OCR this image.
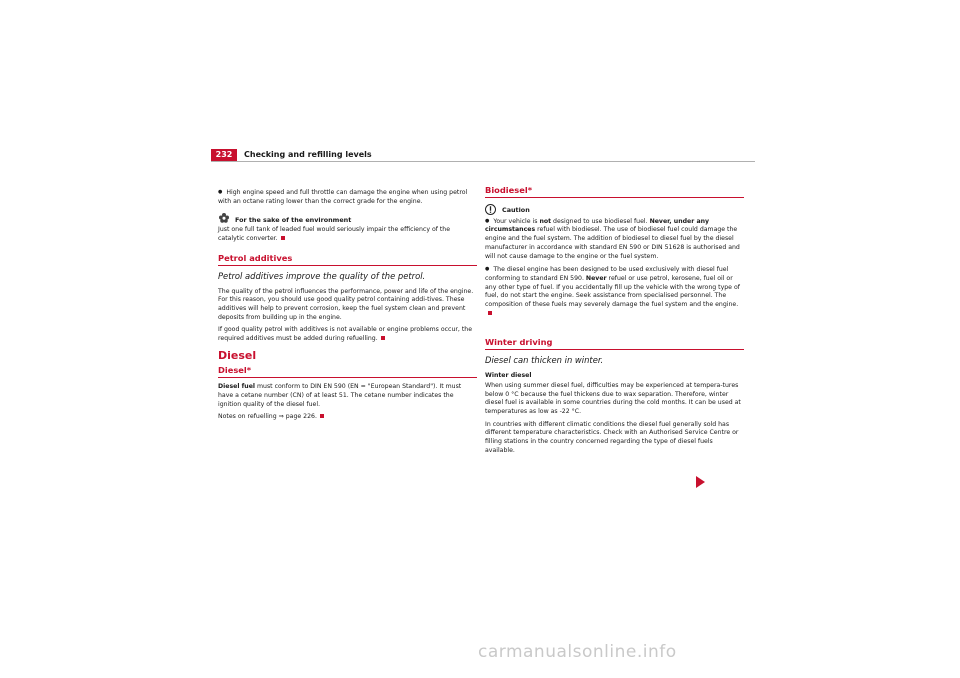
232	Checking and refilling levels

● High engine speed and full throttle can damage the engine when using petrol with an octane rating lower than the correct grade for the engine.

For the sake of the environment

Just one full tank of leaded fuel would seriously impair the efficiency of the catalytic converter.

Petrol additives

Petrol additives improve the quality of the petrol.

The quality of the petrol influences the performance, power and life of the engine. For this reason, you should use good quality petrol containing addi-tives. These additives will help to prevent corrosion, keep the fuel system clean and prevent deposits from building up in the engine.

If good quality petrol with additives is not available or engine problems occur, the required additives must be added during refuelling.

Diesel
Diesel*

Diesel fuel must conform to DIN EN 590 (EN = "European Standard"). It must have a cetane number (CN) of at least 51. The cetane number indicates the ignition quality of the diesel fuel.

Notes on refuelling ⇒ page 226.

Biodiesel*
Caution

● Your vehicle is not designed to use biodiesel fuel. Never, under any circumstances refuel with biodiesel. The use of biodiesel fuel could damage the engine and the fuel system. The addition of biodiesel to diesel fuel by the diesel manufacturer in accordance with standard EN 590 or DIN 51628 is authorised and will not cause damage to the engine or the fuel system.

● The diesel engine has been designed to be used exclusively with diesel fuel conforming to standard EN 590. Never refuel or use petrol, kerosene, fuel oil or any other type of fuel. If you accidentally fill up the vehicle with the wrong type of fuel, do not start the engine. Seek assistance from specialised personnel. The composition of these fuels may severely damage the fuel system and the engine.

Winter driving

Diesel can thicken in winter.

Winter diesel

When using summer diesel fuel, difficulties may be experienced at tempera-tures below 0 °C because the fuel thickens due to wax separation. Therefore, winter diesel fuel is available in some countries during the cold months. It can be used at temperatures as low as -22 °C.

In countries with different climatic conditions the diesel fuel generally sold has different temperature characteristics. Check with an Authorised Service Centre or filling stations in the country concerned regarding the type of diesel fuels available.

carmanualsonline.info
